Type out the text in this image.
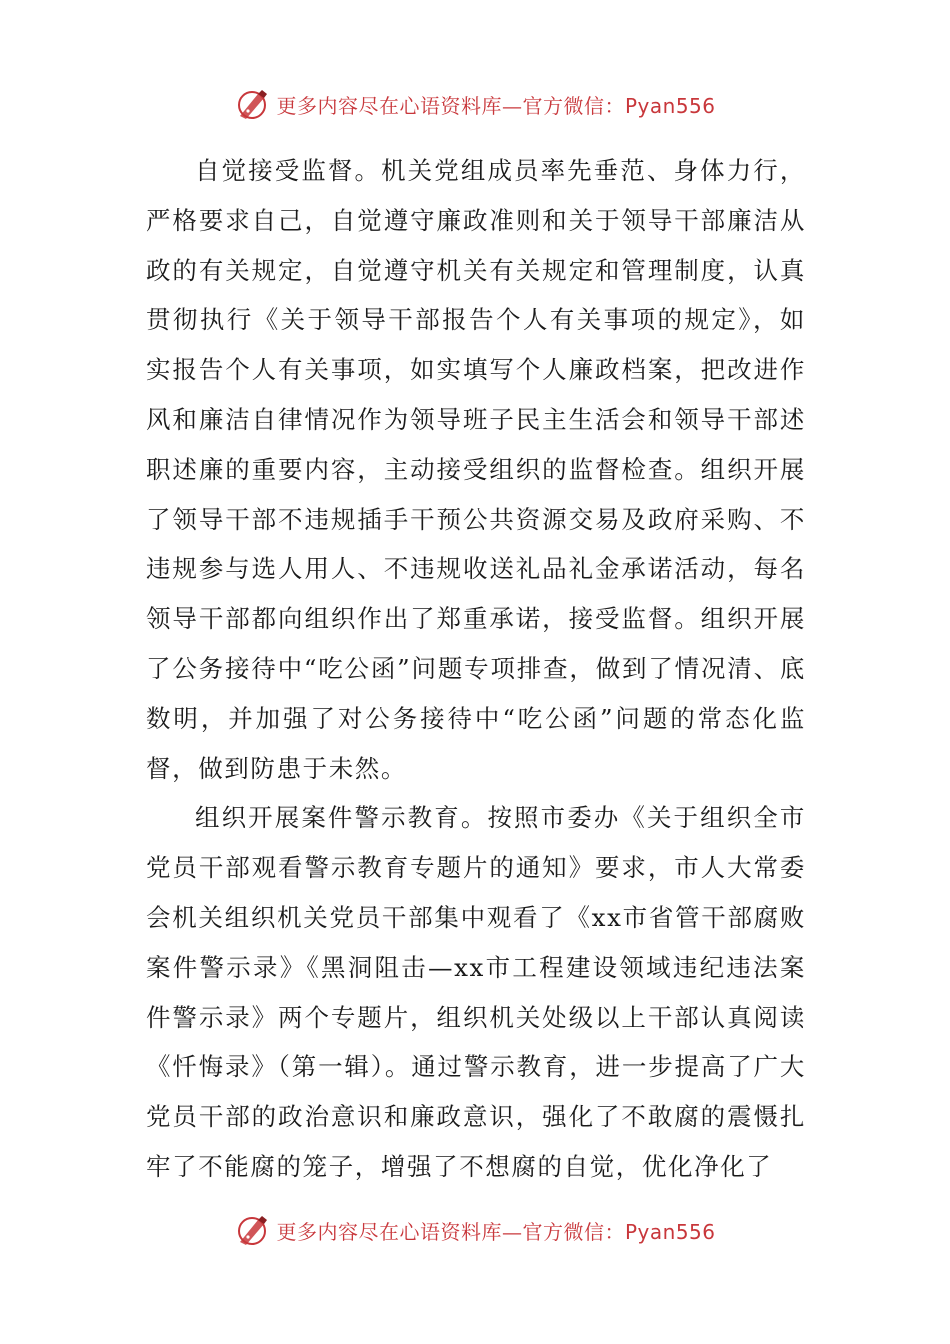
更多内容尽在心语资料库—官方微信：Pyan556

自觉接受监督。机关党组成员率先垂范、身体力行，严格要求自己，自觉遵守廉政准则和关于领导干部廉洁从政的有关规定，自觉遵守机关有关规定和管理制度，认真贯彻执行《关于领导干部报告个人有关事项的规定》，如实报告个人有关事项，如实填写个人廉政档案，把改进作风和廉洁自律情况作为领导班子民主生活会和领导干部述职述廉的重要内容，主动接受组织的监督检查。组织开展了领导干部不违规插手干预公共资源交易及政府采购、不违规参与选人用人、不违规收送礼品礼金承诺活动，每名领导干部都向组织作出了郑重承诺，接受监督。组织开展了公务接待中“吃公函”问题专项排查，做到了情况清、底数明，并加强了对公务接待中“吃公函”问题的常态化监督，做到防患于未然。

组织开展案件警示教育。按照市委办《关于组织全市党员干部观看警示教育专题片的通知》要求，市人大常委会机关组织机关党员干部集中观看了《xx市省管干部腐败案件警示录》《黑洞阻击—xx市工程建设领域违纪违法案件警示录》两个专题片，组织机关处级以上干部认真阅读《忏悔录》（第一辑）。通过警示教育，进一步提高了广大党员干部的政治意识和廉政意识，强化了不敢腐的震慑扎牢了不能腐的笼子，增强了不想腐的自觉，优化净化了

更多内容尽在心语资料库—官方微信：Pyan556
